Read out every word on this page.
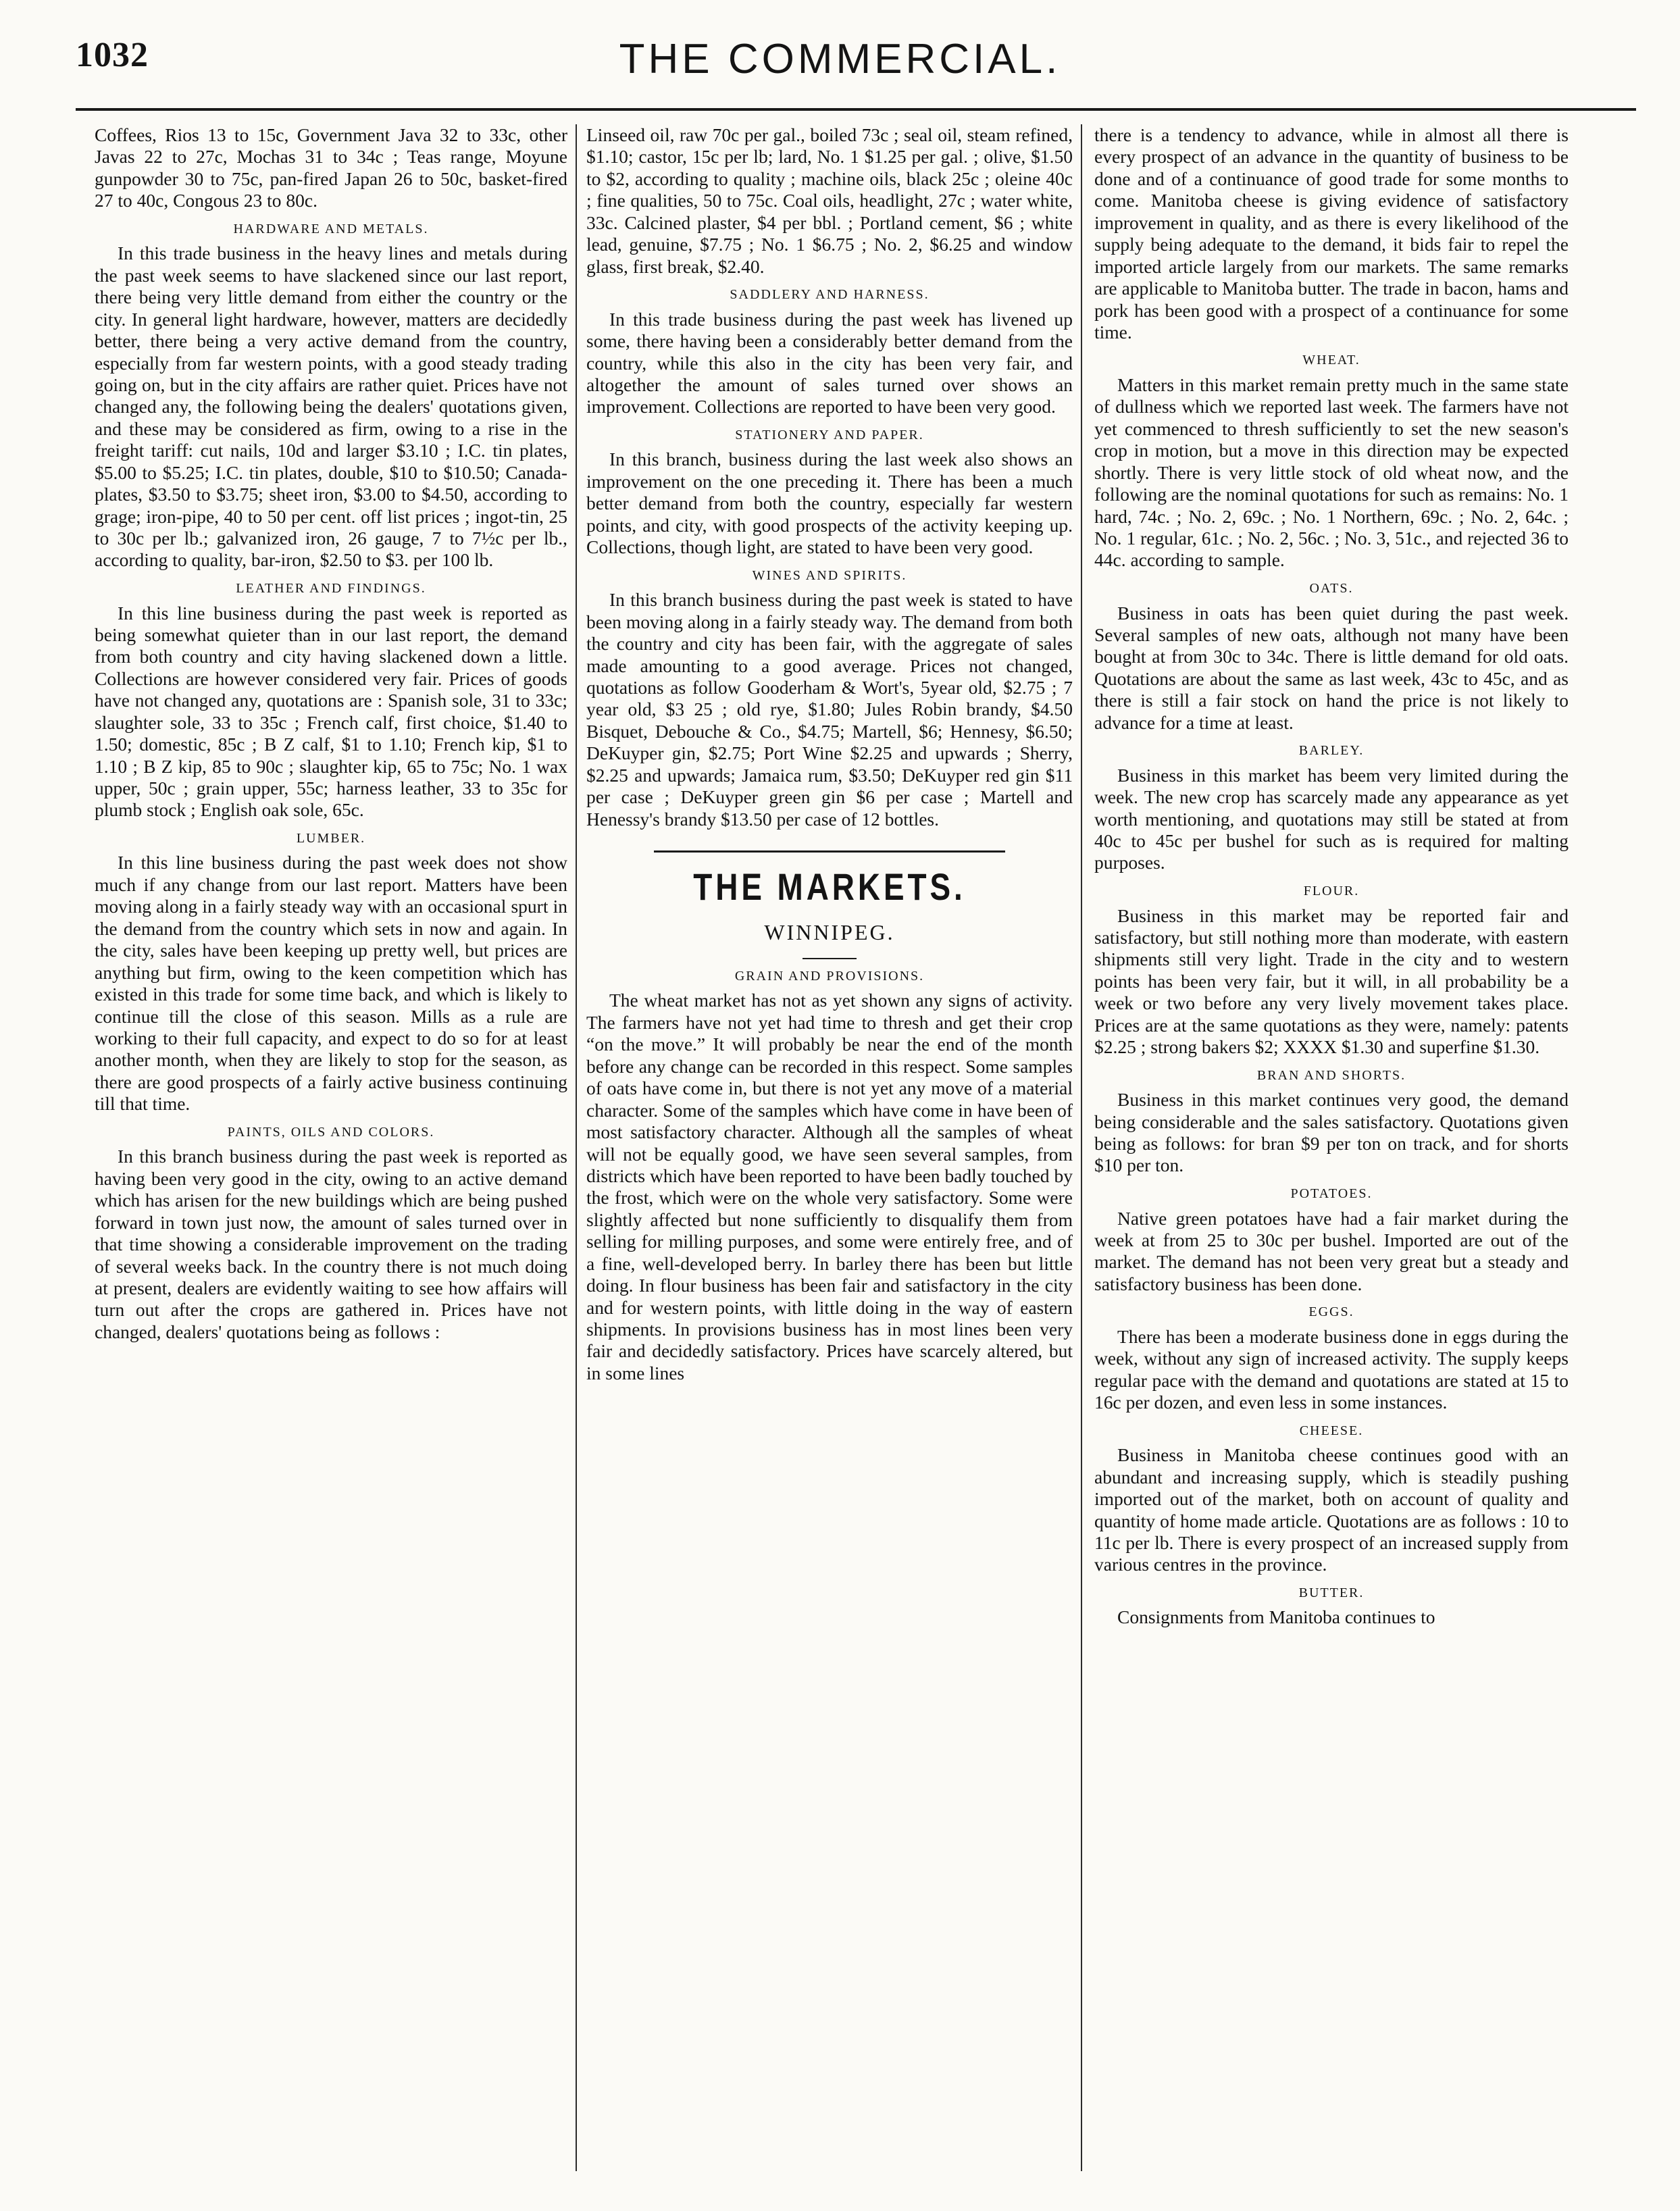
1032	THE COMMERCIAL.

Coffees, Rios 13 to 15c, Government Java 32 to 33c, other Javas 22 to 27c, Mochas 31 to 34c ; Teas range, Moyune gunpowder 30 to 75c, pan-fired Japan 26 to 50c, basket-fired 27 to 40c, Congous 23 to 80c.

HARDWARE AND METALS.

In this trade business in the heavy lines and metals during the past week seems to have slackened since our last report, there being very little demand from either the country or the city. In general light hardware, however, matters are decidedly better, there being a very active demand from the country, especially from far western points, with a good steady trading going on, but in the city affairs are rather quiet. Prices have not changed any, the following being the dealers' quotations given, and these may be considered as firm, owing to a rise in the freight tariff: cut nails, 10d and larger $3.10 ; I.C. tin plates, $5.00 to $5.25; I.C. tin plates, double, $10 to $10.50; Canada-plates, $3.50 to $3.75; sheet iron, $3.00 to $4.50, according to grage; iron-pipe, 40 to 50 per cent. off list prices ; ingot-tin, 25 to 30c per lb.; galvanized iron, 26 gauge, 7 to 7½c per lb., according to quality, bar-iron, $2.50 to $3. per 100 lb.

LEATHER AND FINDINGS.

In this line business during the past week is reported as being somewhat quieter than in our last report, the demand from both country and city having slackened down a little. Collections are however considered very fair. Prices of goods have not changed any, quotations are : Spanish sole, 31 to 33c; slaughter sole, 33 to 35c ; French calf, first choice, $1.40 to 1.50; domestic, 85c ; B Z calf, $1 to 1.10; French kip, $1 to 1.10 ; B Z kip, 85 to 90c ; slaughter kip, 65 to 75c; No. 1 wax upper, 50c ; grain upper, 55c; harness leather, 33 to 35c for plumb stock ; English oak sole, 65c.

LUMBER.

In this line business during the past week does not show much if any change from our last report. Matters have been moving along in a fairly steady way with an occasional spurt in the demand from the country which sets in now and again. In the city, sales have been keeping up pretty well, but prices are anything but firm, owing to the keen competition which has existed in this trade for some time back, and which is likely to continue till the close of this season. Mills as a rule are working to their full capacity, and expect to do so for at least another month, when they are likely to stop for the season, as there are good prospects of a fairly active business continuing till that time.

PAINTS, OILS AND COLORS.

In this branch business during the past week is reported as having been very good in the city, owing to an active demand which has arisen for the new buildings which are being pushed forward in town just now, the amount of sales turned over in that time showing a considerable improvement on the trading of several weeks back. In the country there is not much doing at present, dealers are evidently waiting to see how affairs will turn out after the crops are gathered in. Prices have not changed, dealers' quotations being as follows :

Linseed oil, raw 70c per gal., boiled 73c ; seal oil, steam refined, $1.10; castor, 15c per lb; lard, No. 1 $1.25 per gal. ; olive, $1.50 to $2, according to quality ; machine oils, black 25c ; oleine 40c ; fine qualities, 50 to 75c. Coal oils, headlight, 27c ; water white, 33c. Calcined plaster, $4 per bbl. ; Portland cement, $6 ; white lead, genuine, $7.75 ; No. 1 $6.75 ; No. 2, $6.25 and window glass, first break, $2.40.

SADDLERY AND HARNESS.

In this trade business during the past week has livened up some, there having been a considerably better demand from the country, while this also in the city has been very fair, and altogether the amount of sales turned over shows an improvement. Collections are reported to have been very good.

STATIONERY AND PAPER.

In this branch, business during the last week also shows an improvement on the one preceding it. There has been a much better demand from both the country, especially far western points, and city, with good prospects of the activity keeping up. Collections, though light, are stated to have been very good.

WINES AND SPIRITS.

In this branch business during the past week is stated to have been moving along in a fairly steady way. The demand from both the country and city has been fair, with the aggregate of sales made amounting to a good average. Prices not changed, quotations as follow Gooderham & Wort's, 5year old, $2.75 ; 7 year old, $3 25 ; old rye, $1.80; Jules Robin brandy, $4.50 Bisquet, Debouche & Co., $4.75; Martell, $6; Hennesy, $6.50; DeKuyper gin, $2.75; Port Wine $2.25 and upwards ; Sherry, $2.25 and upwards; Jamaica rum, $3.50; DeKuyper red gin $11 per case ; DeKuyper green gin $6 per case ; Martell and Henessy's brandy $13.50 per case of 12 bottles.

THE MARKETS.
WINNIPEG.
GRAIN AND PROVISIONS.

The wheat market has not as yet shown any signs of activity. The farmers have not yet had time to thresh and get their crop “on the move.” It will probably be near the end of the month before any change can be recorded in this respect. Some samples of oats have come in, but there is not yet any move of a material character. Some of the samples which have come in have been of most satisfactory character. Although all the samples of wheat will not be equally good, we have seen several samples, from districts which have been reported to have been badly touched by the frost, which were on the whole very satisfactory. Some were slightly affected but none sufficiently to disqualify them from selling for milling purposes, and some were entirely free, and of a fine, well-developed berry. In barley there has been but little doing. In flour business has been fair and satisfactory in the city and for western points, with little doing in the way of eastern shipments. In provisions business has in most lines been very fair and decidedly satisfactory. Prices have scarcely altered, but in some lines

there is a tendency to advance, while in almost all there is every prospect of an advance in the quantity of business to be done and of a continuance of good trade for some months to come. Manitoba cheese is giving evidence of satisfactory improvement in quality, and as there is every likelihood of the supply being adequate to the demand, it bids fair to repel the imported article largely from our markets. The same remarks are applicable to Manitoba butter. The trade in bacon, hams and pork has been good with a prospect of a continuance for some time.

WHEAT.

Matters in this market remain pretty much in the same state of dullness which we reported last week. The farmers have not yet commenced to thresh sufficiently to set the new season's crop in motion, but a move in this direction may be expected shortly. There is very little stock of old wheat now, and the following are the nominal quotations for such as remains: No. 1 hard, 74c. ; No. 2, 69c. ; No. 1 Northern, 69c. ; No. 2, 64c. ; No. 1 regular, 61c. ; No. 2, 56c. ; No. 3, 51c., and rejected 36 to 44c. according to sample.

OATS.

Business in oats has been quiet during the past week. Several samples of new oats, although not many have been bought at from 30c to 34c. There is little demand for old oats. Quotations are about the same as last week, 43c to 45c, and as there is still a fair stock on hand the price is not likely to advance for a time at least.

BARLEY.

Business in this market has beem very limited during the week. The new crop has scarcely made any appearance as yet worth mentioning, and quotations may still be stated at from 40c to 45c per bushel for such as is required for malting purposes.

FLOUR.

Business in this market may be reported fair and satisfactory, but still nothing more than moderate, with eastern shipments still very light. Trade in the city and to western points has been very fair, but it will, in all probability be a week or two before any very lively movement takes place. Prices are at the same quotations as they were, namely: patents $2.25 ; strong bakers $2; XXXX $1.30 and superfine $1.30.

BRAN AND SHORTS.

Business in this market continues very good, the demand being considerable and the sales satisfactory. Quotations given being as follows: for bran $9 per ton on track, and for shorts $10 per ton.

POTATOES.

Native green potatoes have had a fair market during the week at from 25 to 30c per bushel. Imported are out of the market. The demand has not been very great but a steady and satisfactory business has been done.

EGGS.

There has been a moderate business done in eggs during the week, without any sign of increased activity. The supply keeps regular pace with the demand and quotations are stated at 15 to 16c per dozen, and even less in some instances.

CHEESE.

Business in Manitoba cheese continues good with an abundant and increasing supply, which is steadily pushing imported out of the market, both on account of quality and quantity of home made article. Quotations are as follows : 10 to 11c per lb. There is every prospect of an increased supply from various centres in the province.

BUTTER.

Consignments from Manitoba continues to
